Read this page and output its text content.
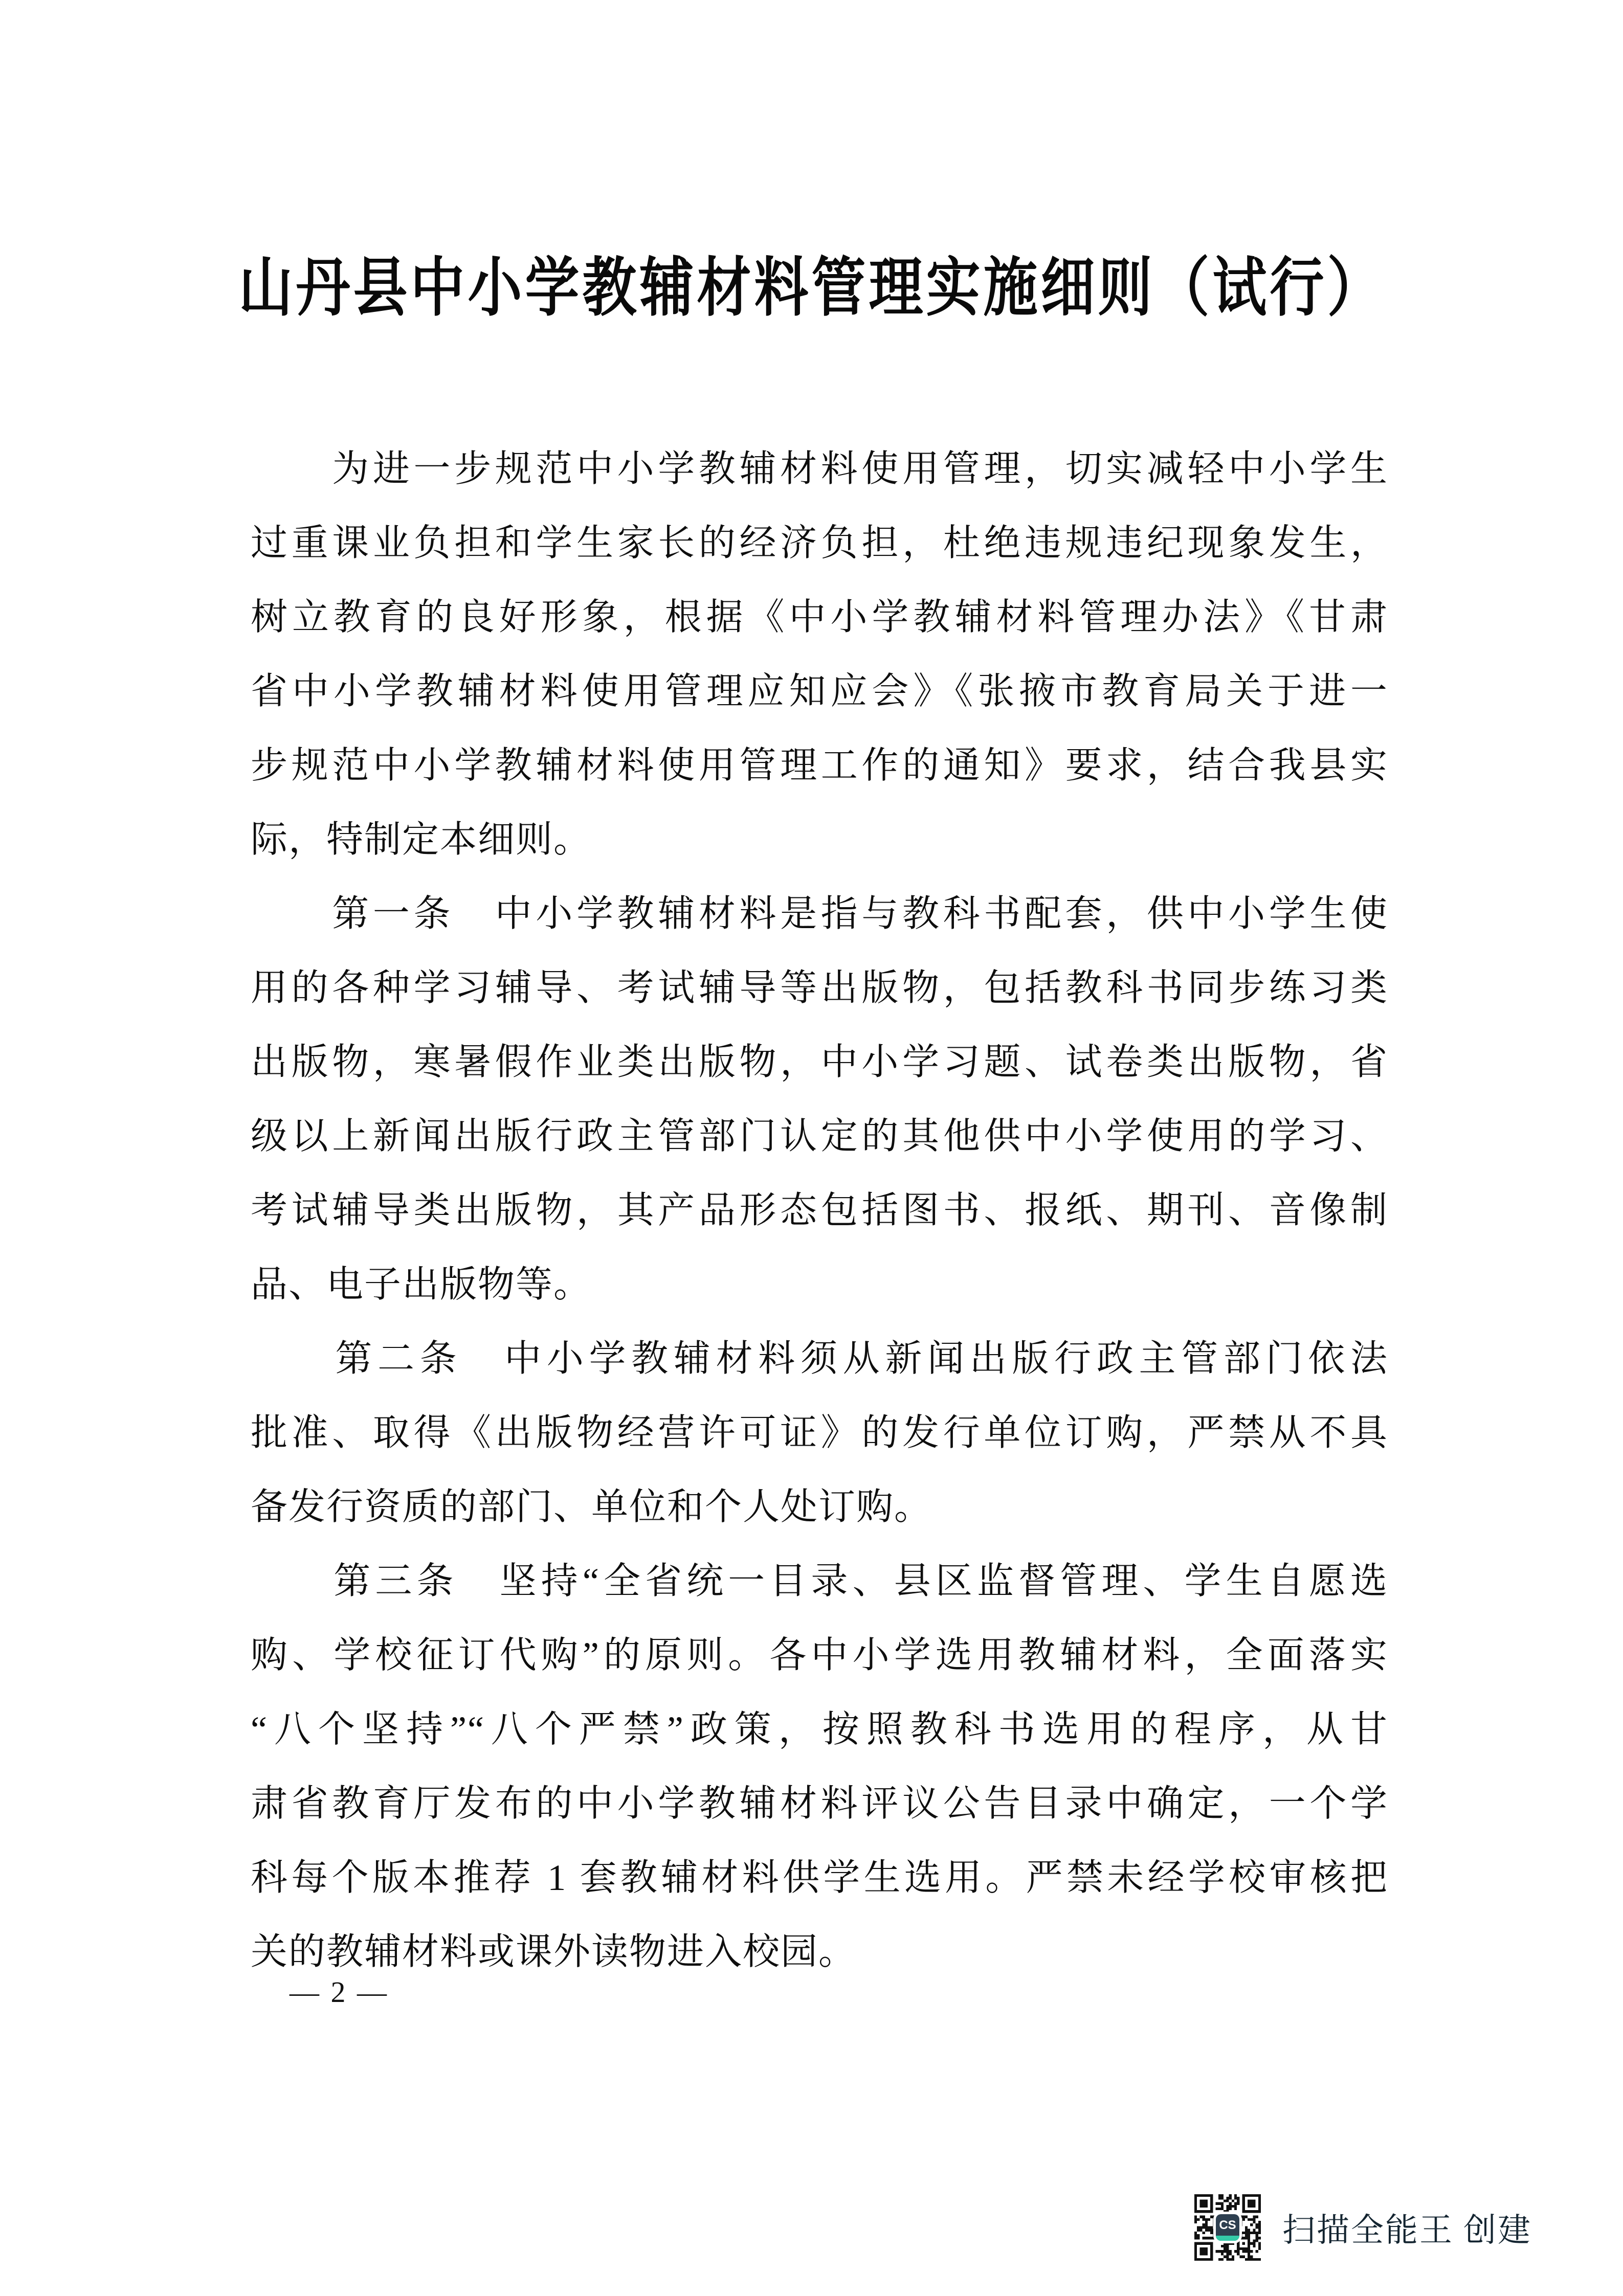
山丹县中小学教辅材料管理实施细则（试行）
　　为进一步规范中小学教辅材料使用管理，切实减轻中小学生
过重课业负担和学生家长的经济负担，杜绝违规违纪现象发生，
树立教育的良好形象，根据《中小学教辅材料管理办法》《甘肃
省中小学教辅材料使用管理应知应会》《张掖市教育局关于进一
步规范中小学教辅材料使用管理工作的通知》要求，结合我县实
际，特制定本细则。
　　第一条　中小学教辅材料是指与教科书配套，供中小学生使
用的各种学习辅导、考试辅导等出版物，包括教科书同步练习类
出版物，寒暑假作业类出版物，中小学习题、试卷类出版物，省
级以上新闻出版行政主管部门认定的其他供中小学使用的学习、
考试辅导类出版物，其产品形态包括图书、报纸、期刊、音像制
品、电子出版物等。
　　第二条　中小学教辅材料须从新闻出版行政主管部门依法
批准、取得《出版物经营许可证》的发行单位订购，严禁从不具
备发行资质的部门、单位和个人处订购。
　　第三条　坚持“全省统一目录、县区监督管理、学生自愿选
购、学校征订代购”的原则。各中小学选用教辅材料，全面落实
“八个坚持”“八个严禁”政策，按照教科书选用的程序，从甘
肃省教育厅发布的中小学教辅材料评议公告目录中确定，一个学
科每个版本推荐 1 套教辅材料供学生选用。严禁未经学校审核把
关的教辅材料或课外读物进入校园。
— 2 —
CS 扫描全能王 创建
